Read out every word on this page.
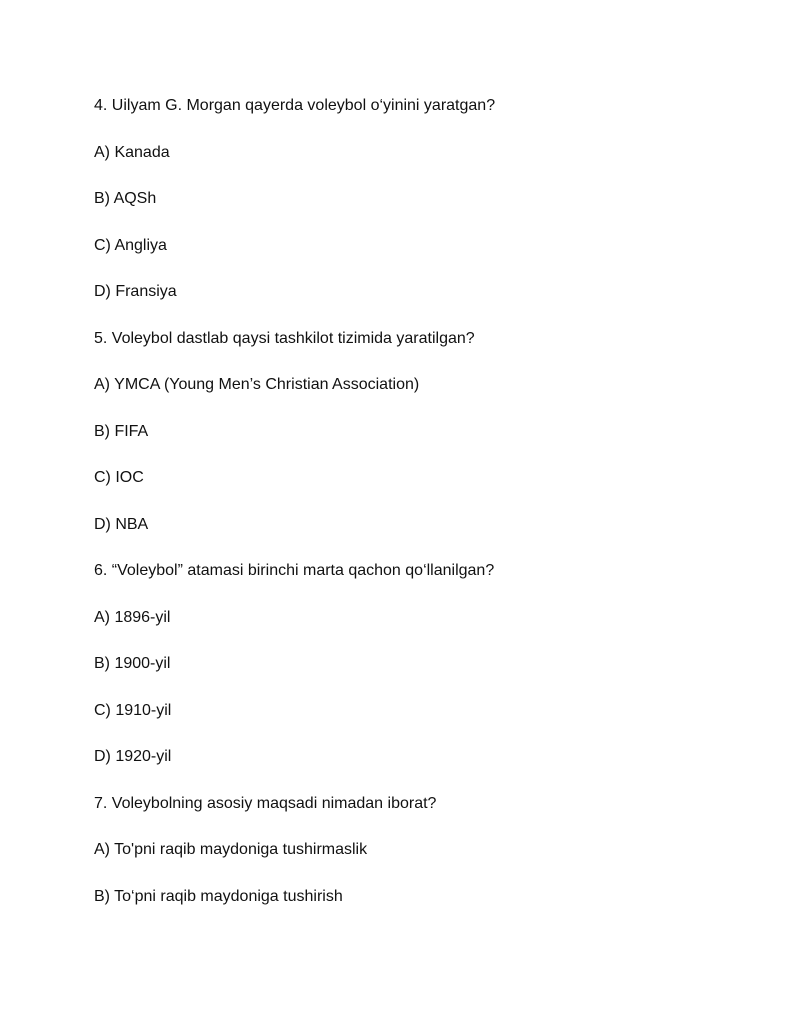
4. Uilyam G. Morgan qayerda voleybol o‘yinini yaratgan?
A) Kanada
B) AQSh
C) Angliya
D) Fransiya
5. Voleybol dastlab qaysi tashkilot tizimida yaratilgan?
A) YMCA (Young Men’s Christian Association)
B) FIFA
C) IOC
D) NBA
6. “Voleybol” atamasi birinchi marta qachon qo‘llanilgan?
A) 1896-yil
B) 1900-yil
C) 1910-yil
D) 1920-yil
7. Voleybolning asosiy maqsadi nimadan iborat?
A) To'pni raqib maydoniga tushirmaslik
B) To‘pni raqib maydoniga tushirish
